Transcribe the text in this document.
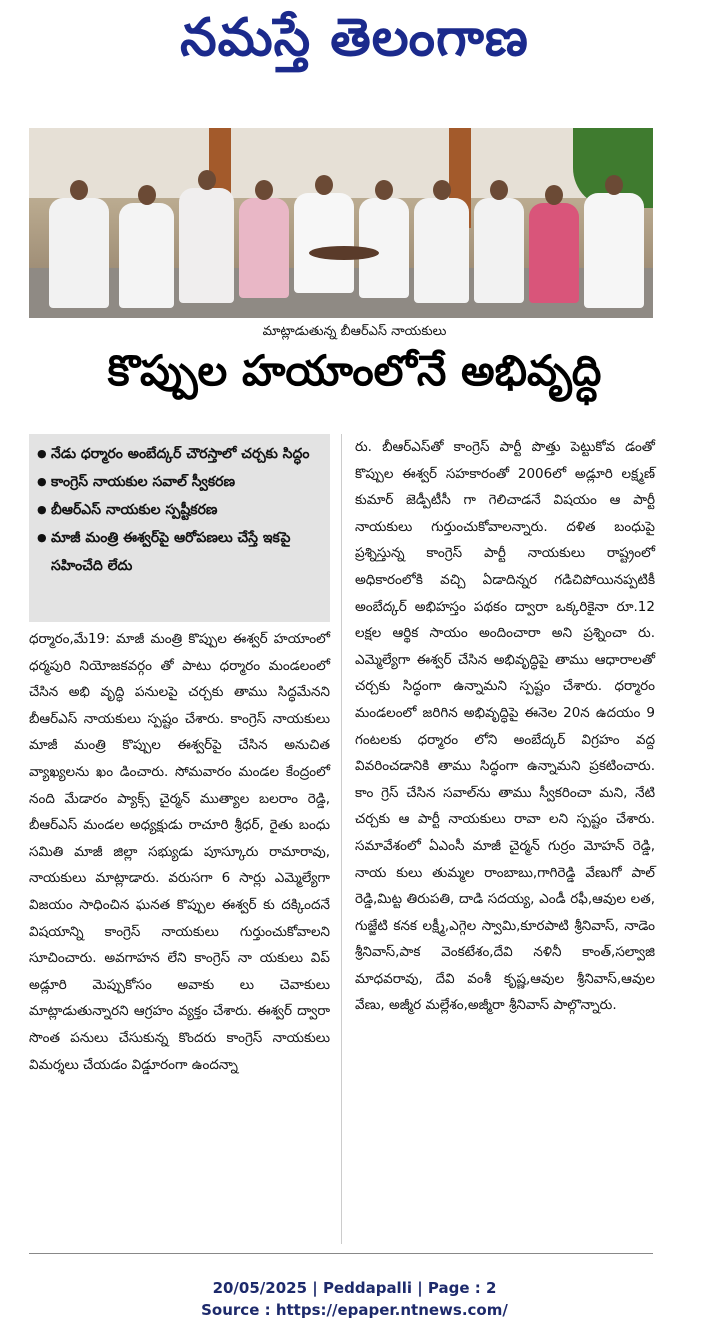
నమస్తే తెలంగాణ
మాట్లాడుతున్న బీఆర్ఎస్ నాయకులు
కొప్పుల హయాంలోనే అభివృద్ధి
● నేడు ధర్మారం అంబేద్కర్ చౌరస్తాలో చర్చకు సిద్ధం
● కాంగ్రెస్ నాయకుల సవాల్ స్వీకరణ
● బీఆర్ఎస్ నాయకుల స్పష్టీకరణ
● మాజీ మంత్రి ఈశ్వర్‌పై ఆరోపణలు చేస్తే ఇకపై సహించేది లేదు

ధర్మారం,మే19: మాజీ మంత్రి కొప్పుల ఈశ్వర్ హయాంలో ధర్మపురి నియోజకవర్గం తో పాటు ధర్మారం మండలంలో చేసిన అభి వృద్ధి పనులపై చర్చకు తాము సిద్ధమేనని బీఆర్ఎస్ నాయకులు స్పష్టం చేశారు. కాంగ్రెస్ నాయకులు మాజీ మంత్రి కొప్పుల ఈశ్వర్‌పై చేసిన అనుచిత వ్యాఖ్యలను ఖం డించారు. సోమవారం మండల కేంద్రంలో నంది మేడారం ప్యాక్స్ చైర్మన్ ముత్యాల బలరాం రెడ్డి, బీఆర్ఎస్ మండల అధ్యక్షుడు రాచూరి శ్రీధర్, రైతు బంధు సమితి మాజీ జిల్లా సభ్యుడు పూస్కూరు రామారావు, నాయకులు మాట్లాడారు. వరుసగా 6 సార్లు ఎమ్మెల్యేగా విజయం సాధించిన ఘనత కొప్పుల ఈశ్వర్ కు దక్కిందనే విషయాన్ని కాంగ్రెస్ నాయకులు గుర్తుంచుకోవాలని సూచించారు. అవగాహన లేని కాంగ్రెస్ నా యకులు విప్ అడ్లూరి మెప్పుకోసం అవాకు లు చెవాకులు మాట్లాడుతున్నారని ఆగ్రహం వ్యక్తం చేశారు. ఈశ్వర్ ద్వారా సొంత పనులు చేసుకున్న కొందరు కాంగ్రెస్ నాయకులు విమర్శలు చేయడం విడ్డూరంగా ఉందన్నా

రు. బీఆర్ఎస్‌తో కాంగ్రెస్ పార్టీ పొత్తు పెట్టుకోవ డంతో కొప్పుల ఈశ్వర్ సహకారంతో 2006లో అడ్లూరి లక్ష్మణ్ కుమార్ జెడ్పీటీసీ గా గెలిచాడనే విషయం ఆ పార్టీ నాయకులు గుర్తుంచుకోవాలన్నారు. దళిత బంధుపై ప్రశ్నిస్తున్న కాంగ్రెస్ పార్టీ నాయకులు రాష్ట్రంలో అధికారంలోకి వచ్చి ఏడాదిన్నర గడిచిపోయినప్పటికీ అంబేద్కర్ అభిహస్తం పథకం ద్వారా ఒక్కరికైనా రూ.12 లక్షల ఆర్థిక సాయం అందించారా అని ప్రశ్నించా రు. ఎమ్మెల్యేగా ఈశ్వర్ చేసిన అభివృద్ధిపై తాము ఆధారాలతో చర్చకు సిద్ధంగా ఉన్నామని స్పష్టం చేశారు. ధర్మారం మండలంలో జరిగిన అభివృద్ధిపై ఈనెల 20న ఉదయం 9 గంటలకు ధర్మారం లోని అంబేద్కర్ విగ్రహం వద్ద వివరించడానికి తాము సిద్ధంగా ఉన్నామని ప్రకటించారు. కాం గ్రెస్ చేసిన సవాల్‌ను తాము స్వీకరించా మని, నేటి చర్చకు ఆ పార్టీ నాయకులు రావా లని స్పష్టం చేశారు. సమావేశంలో ఏఎంసీ మాజీ చైర్మన్ గుర్రం మోహన్ రెడ్డి, నాయ కులు తుమ్మల రాంబాబు,గాగిరెడ్డి వేణుగో పాల్ రెడ్డి,మిట్ట తిరుపతి, దాడి సదయ్య, ఎండీ రఫీ,ఆవుల లత, గుజ్జేటి కనక లక్ష్మీ,ఎగ్గెల స్వామి,కూరపాటి శ్రీనివాస్, నాడెం శ్రీనివాస్,పాక వెంకటేశం,దేవి నళినీ కాంత్,సల్వాజి మాధవరావు, దేవి వంశీ కృష్ణ,ఆవుల శ్రీనివాస్,ఆవుల వేణు, అజ్మీర మల్లేశం,అజ్మీరా శ్రీనివాస్ పాల్గొన్నారు.

20/05/2025 | Peddapalli | Page : 2
Source : https://epaper.ntnews.com/
